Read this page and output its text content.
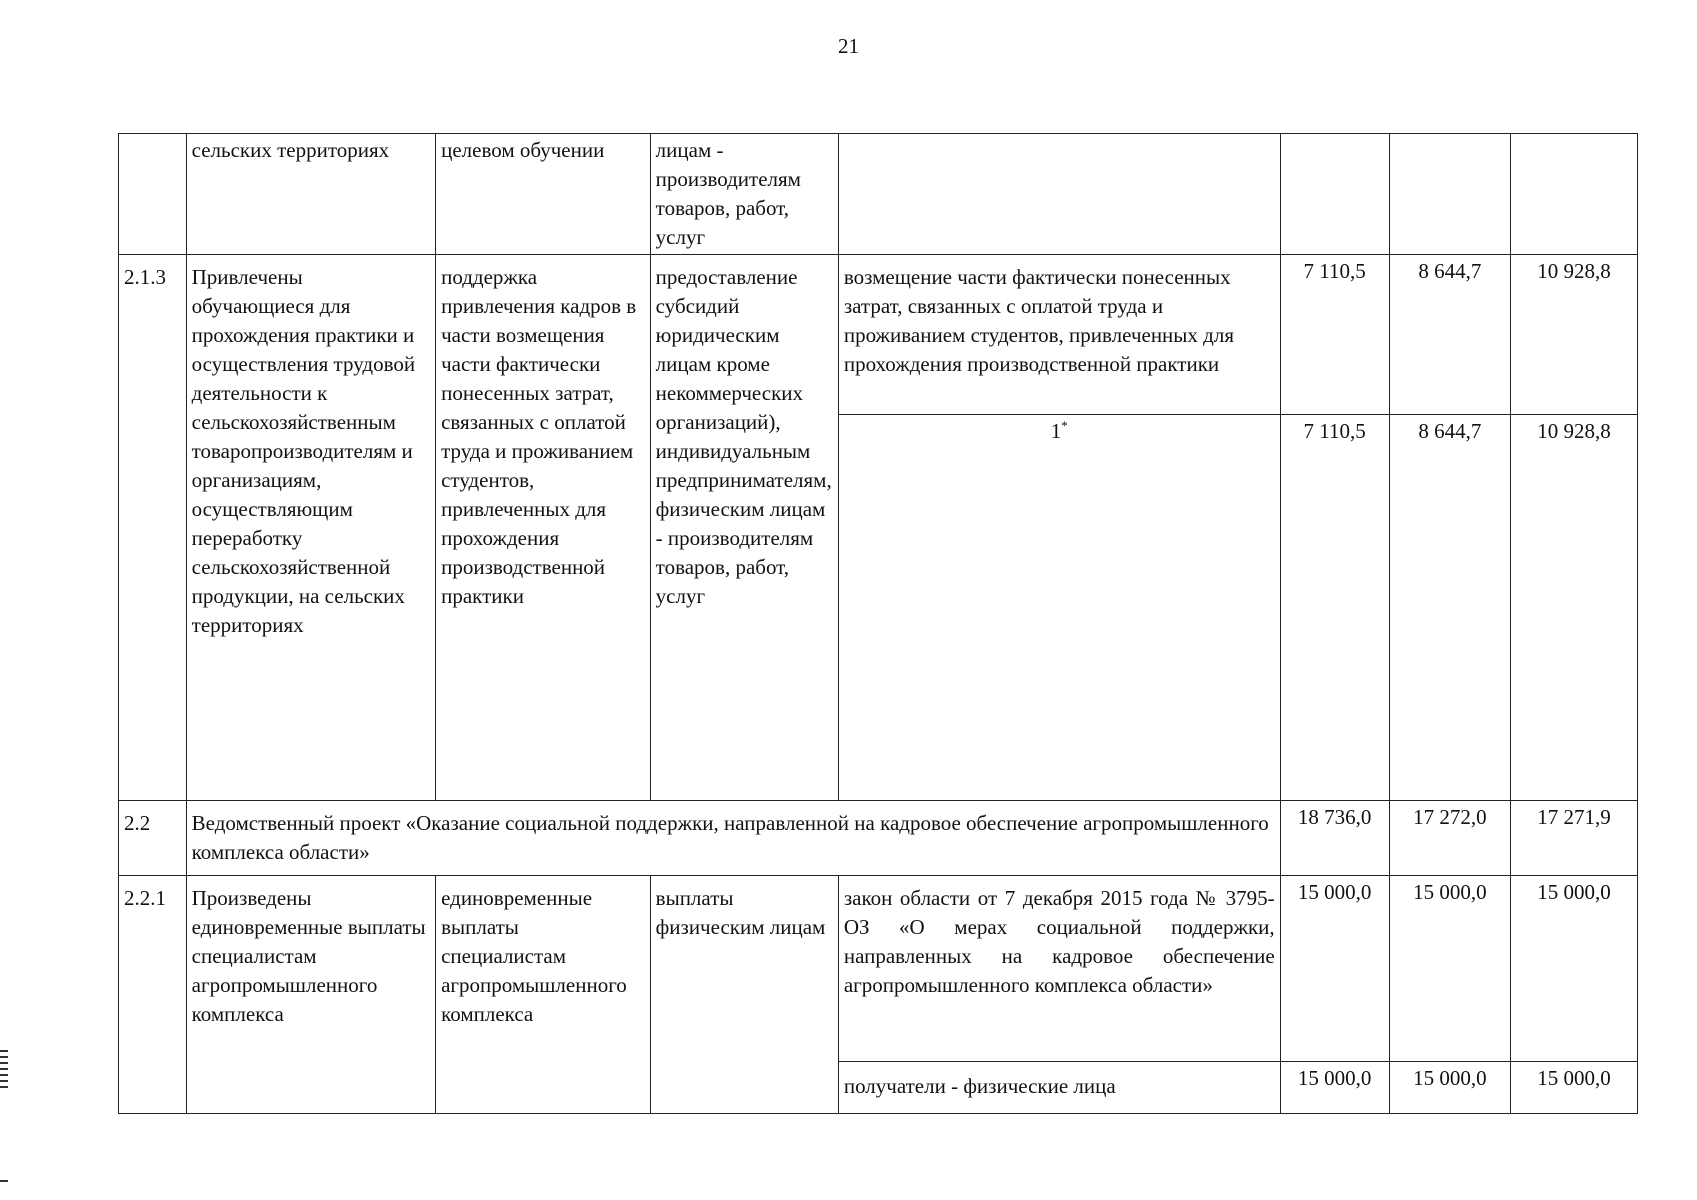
21
	сельских территориях	целевом обучении	лицам - производителям товаров, работ, услуг				
2.1.3	Привлечены обучающиеся для прохождения практики и осуществления трудовой деятельности к сельскохозяйственным товаропроизводителям и организациям, осуществляющим переработку сельскохозяйственной продукции, на сельских территориях	поддержка привлечения кадров в части возмещения части фактически понесенных затрат, связанных с оплатой труда и проживанием студентов, привлеченных для прохождения производственной практики	предоставление субсидий юридическим лицам кроме некоммерческих организаций), индивидуальным предпринимателям, физическим лицам - производителям товаров, работ, услуг	возмещение части фактически понесенных затрат, связанных с оплатой труда и проживанием студентов, привлеченных для прохождения производственной практики	7 110,5	8 644,7	10 928,8
				1*	7 110,5	8 644,7	10 928,8
2.2	Ведомственный проект «Оказание социальной поддержки, направленной на кадровое обеспечение агропромышленного комплекса области»				18 736,0	17 272,0	17 271,9
2.2.1	Произведены единовременные выплаты специалистам агропромышленного комплекса	единовременные выплаты специалистам агропромышленного комплекса	выплаты физическим лицам	закон области от 7 декабря 2015 года № 3795-ОЗ «О мерах социальной поддержки, направленных на кадровое обеспечение агропромышленного комплекса области»	15 000,0	15 000,0	15 000,0
				получатели - физические лица	15 000,0	15 000,0	15 000,0
